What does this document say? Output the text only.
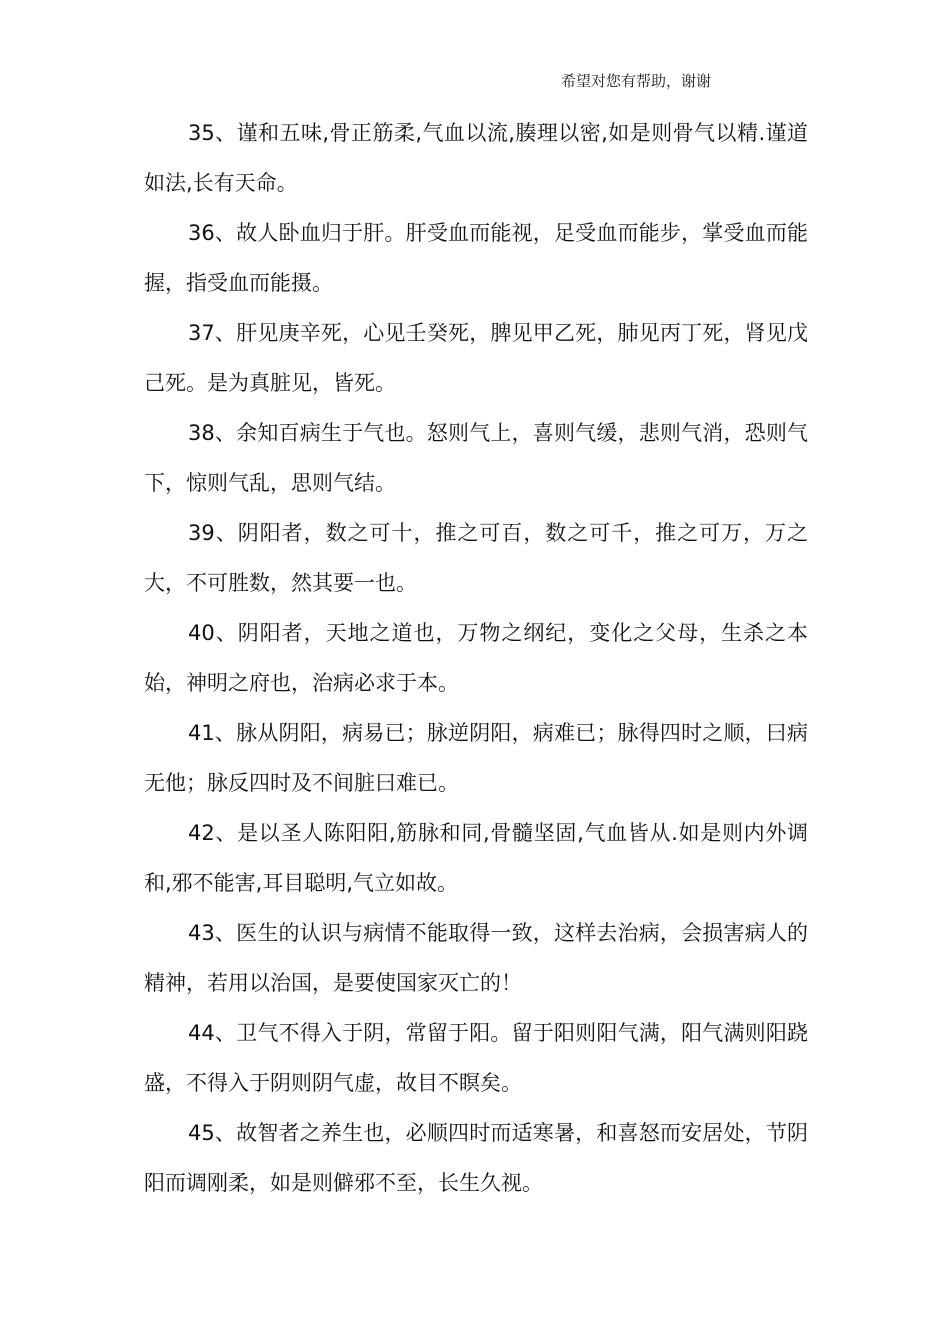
希望对您有帮助，谢谢

35、谨和五味,骨正筋柔,气血以流,腠理以密,如是则骨气以精.谨道如法,长有天命。

36、故人卧血归于肝。肝受血而能视，足受血而能步，掌受血而能握，指受血而能摄。

37、肝见庚辛死，心见壬癸死，脾见甲乙死，肺见丙丁死，肾见戊己死。是为真脏见，皆死。

38、余知百病生于气也。怒则气上，喜则气缓，悲则气消，恐则气下，惊则气乱，思则气结。

39、阴阳者，数之可十，推之可百，数之可千，推之可万，万之大，不可胜数，然其要一也。

40、阴阳者，天地之道也，万物之纲纪，变化之父母，生杀之本始，神明之府也，治病必求于本。

41、脉从阴阳，病易已；脉逆阴阳，病难已；脉得四时之顺，曰病无他；脉反四时及不间脏曰难已。

42、是以圣人陈阳阳,筋脉和同,骨髓坚固,气血皆从.如是则内外调和,邪不能害,耳目聪明,气立如故。

43、医生的认识与病情不能取得一致，这样去治病，会损害病人的精神，若用以治国，是要使国家灭亡的！

44、卫气不得入于阴，常留于阳。留于阳则阳气满，阳气满则阳跷盛，不得入于阴则阴气虚，故目不瞑矣。

45、故智者之养生也，必顺四时而适寒暑，和喜怒而安居处，节阴阳而调刚柔，如是则僻邪不至，长生久视。
